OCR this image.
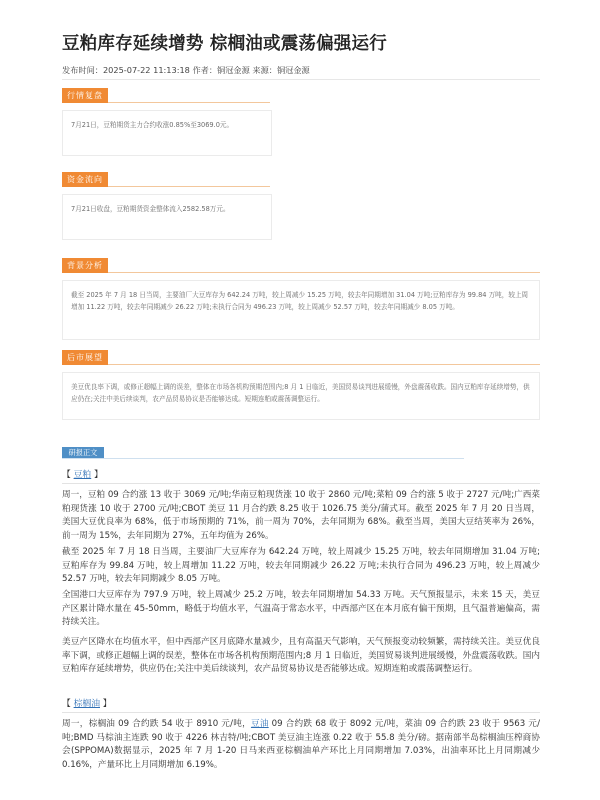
豆粕库存延续增势 棕榈油或震荡偏强运行
发布时间：2025-07-22 11:13:18 作者：铜冠金源 来源：铜冠金源
行情复盘
7月21日，豆粕期货主力合约收涨0.85%至3069.0元。
资金流向
7月21日收盘，豆粕期货资金整体流入2582.58万元。
背景分析
截至 2025 年 7 月 18 日当周，主要油厂大豆库存为 642.24 万吨，较上周减少 15.25 万吨，较去年同期增加 31.04 万吨;豆粕库存为 99.84 万吨，较上周增加 11.22 万吨，较去年同期减少 26.22 万吨;未执行合同为 496.23 万吨，较上周减少 52.57 万吨，较去年同期减少 8.05 万吨。
后市展望
美豆优良率下调，或修正超幅上调的误差，整体在市场各机构预期范围内;8 月 1 日临近，美国贸易谈判进展缓慢，外盘震荡收跌。国内豆粕库存延续增势，供应仍在;关注中美后续谈判，农产品贸易协议是否能够达成。短期连粕或震荡调整运行。
研报正文
【 豆粕 】
周一，豆粕 09 合约涨 13 收于 3069 元/吨;华南豆粕现货涨 10 收于 2860 元/吨;菜粕 09 合约涨 5 收于 2727 元/吨;广西菜粕现货涨 10 收于 2700 元/吨;CBOT 美豆 11 月合约跌 8.25 收于 1026.75 美分/蒲式耳。截至 2025 年 7 月 20 日当周，美国大豆优良率为 68%，低于市场预期的 71%，前一周为 70%，去年同期为 68%。截至当周，美国大豆结荚率为 26%，前一周为 15%，去年同期为 27%，五年均值为 26%。
截至 2025 年 7 月 18 日当周，主要油厂大豆库存为 642.24 万吨，较上周减少 15.25 万吨，较去年同期增加 31.04 万吨;豆粕库存为 99.84 万吨，较上周增加 11.22 万吨，较去年同期减少 26.22 万吨;未执行合同为 496.23 万吨，较上周减少 52.57 万吨，较去年同期减少 8.05 万吨。
全国港口大豆库存为 797.9 万吨，较上周减少 25.2 万吨，较去年同期增加 54.33 万吨。天气预报显示，未来 15 天，美豆产区累计降水量在 45-50mm，略低于均值水平，气温高于常态水平，中西部产区在本月底有偏干预期，且气温普遍偏高，需持续关注。
美豆产区降水在均值水平，但中西部产区月底降水量减少，且有高温天气影响，天气预报变动较频繁，需持续关注。美豆优良率下调，或修正超幅上调的误差，整体在市场各机构预期范围内;8 月 1 日临近，美国贸易谈判进展缓慢，外盘震荡收跌。国内豆粕库存延续增势，供应仍在;关注中美后续谈判，农产品贸易协议是否能够达成。短期连粕或震荡调整运行。
【 棕榈油 】
周一，棕榈油 09 合约跌 54 收于 8910 元/吨，豆油 09 合约跌 68 收于 8092 元/吨，菜油 09 合约跌 23 收于 9563 元/吨;BMD 马棕油主连跌 90 收于 4226 林吉特/吨;CBOT 美豆油主连涨 0.22 收于 55.8 美分/磅。据南部半岛棕榈油压榨商协会(SPPOMA)数据显示，2025 年 7 月 1-20 日马来西亚棕榈油单产环比上月同期增加 7.03%，出油率环比上月同期减少 0.16%，产量环比上月同期增加 6.19%。
